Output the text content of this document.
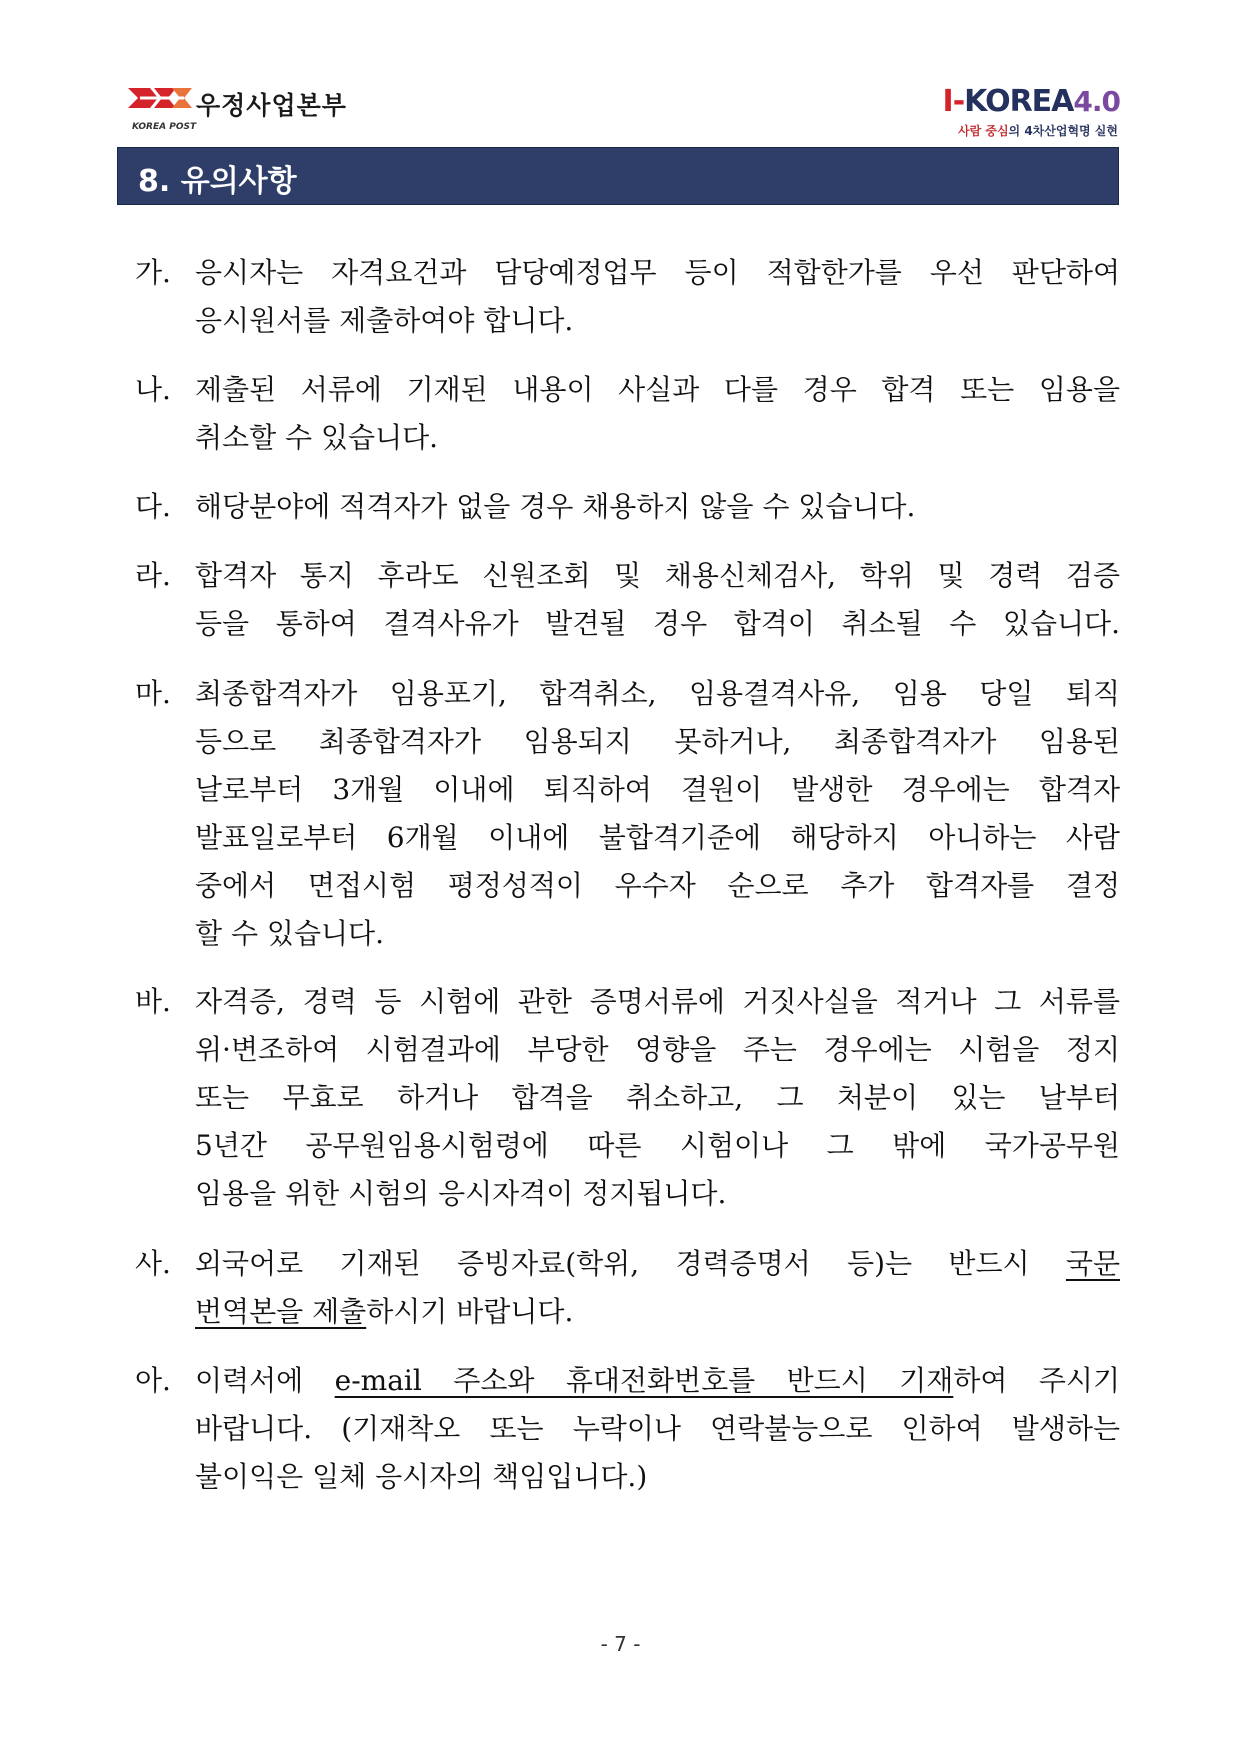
우정사업본부
KOREA POST
I-KOREA4.0
사람 중심의 4차산업혁명 실현
8. 유의사항
가. 응시자는 자격요건과 담당예정업무 등이 적합한가를 우선 판단하여
응시원서를 제출하여야 합니다.
나. 제출된 서류에 기재된 내용이 사실과 다를 경우 합격 또는 임용을
취소할 수 있습니다.
다. 해당분야에 적격자가 없을 경우 채용하지 않을 수 있습니다.
라. 합격자 통지 후라도 신원조회 및 채용신체검사, 학위 및 경력 검증
등을 통하여 결격사유가 발견될 경우 합격이 취소될 수 있습니다.
마. 최종합격자가 임용포기, 합격취소, 임용결격사유, 임용 당일 퇴직
등으로 최종합격자가 임용되지 못하거나, 최종합격자가 임용된
날로부터 3개월 이내에 퇴직하여 결원이 발생한 경우에는 합격자
발표일로부터 6개월 이내에 불합격기준에 해당하지 아니하는 사람
중에서 면접시험 평정성적이 우수자 순으로 추가 합격자를 결정
할 수 있습니다.
바. 자격증, 경력 등 시험에 관한 증명서류에 거짓사실을 적거나 그 서류를
위·변조하여 시험결과에 부당한 영향을 주는 경우에는 시험을 정지
또는 무효로 하거나 합격을 취소하고, 그 처분이 있는 날부터
5년간 공무원임용시험령에 따른 시험이나 그 밖에 국가공무원
임용을 위한 시험의 응시자격이 정지됩니다.
사. 외국어로 기재된 증빙자료(학위, 경력증명서 등)는 반드시 국문
번역본을 제출하시기 바랍니다.
아. 이력서에 e-mail 주소와 휴대전화번호를 반드시 기재하여 주시기
바랍니다. (기재착오 또는 누락이나 연락불능으로 인하여 발생하는
불이익은 일체 응시자의 책임입니다.)
- 7 -
